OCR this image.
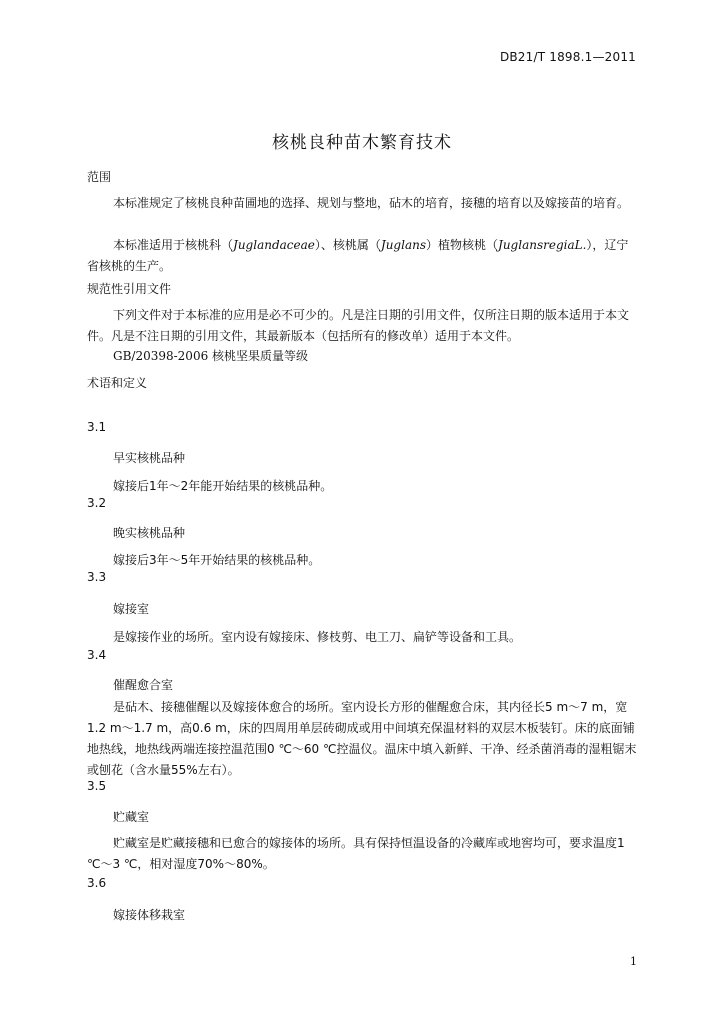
DB21/T 1898.1—2011
核桃良种苗木繁育技术
范围
本标准规定了核桃良种苗圃地的选择、规划与整地，砧木的培育，接穗的培育以及嫁接苗的培育。
本标准适用于核桃科（Juglandaceae）、核桃属（Juglans）植物核桃（JuglansregiaL.），辽宁省核桃的生产。
规范性引用文件
下列文件对于本标准的应用是必不可少的。凡是注日期的引用文件，仅所注日期的版本适用于本文件。凡是不注日期的引用文件，其最新版本（包括所有的修改单）适用于本文件。
GB/20398-2006 核桃坚果质量等级
术语和定义
3.1
早实核桃品种
嫁接后1年～2年能开始结果的核桃品种。
3.2
晚实核桃品种
嫁接后3年～5年开始结果的核桃品种。
3.3
嫁接室
是嫁接作业的场所。室内设有嫁接床、修枝剪、电工刀、扁铲等设备和工具。
3.4
催醒愈合室
是砧木、接穗催醒以及嫁接体愈合的场所。室内设长方形的催醒愈合床，其内径长5 m～7 m，宽1.2 m～1.7 m，高0.6 m，床的四周用单层砖砌成或用中间填充保温材料的双层木板装钉。床的底面铺地热线，地热线两端连接控温范围0 ℃～60 ℃控温仪。温床中填入新鲜、干净、经杀菌消毒的湿粗锯末或刨花（含水量55%左右）。
3.5
贮藏室
贮藏室是贮藏接穗和已愈合的嫁接体的场所。具有保持恒温设备的冷藏库或地窖均可，要求温度1 ℃～3 ℃，相对湿度70%～80%。
3.6
嫁接体移栽室
1
